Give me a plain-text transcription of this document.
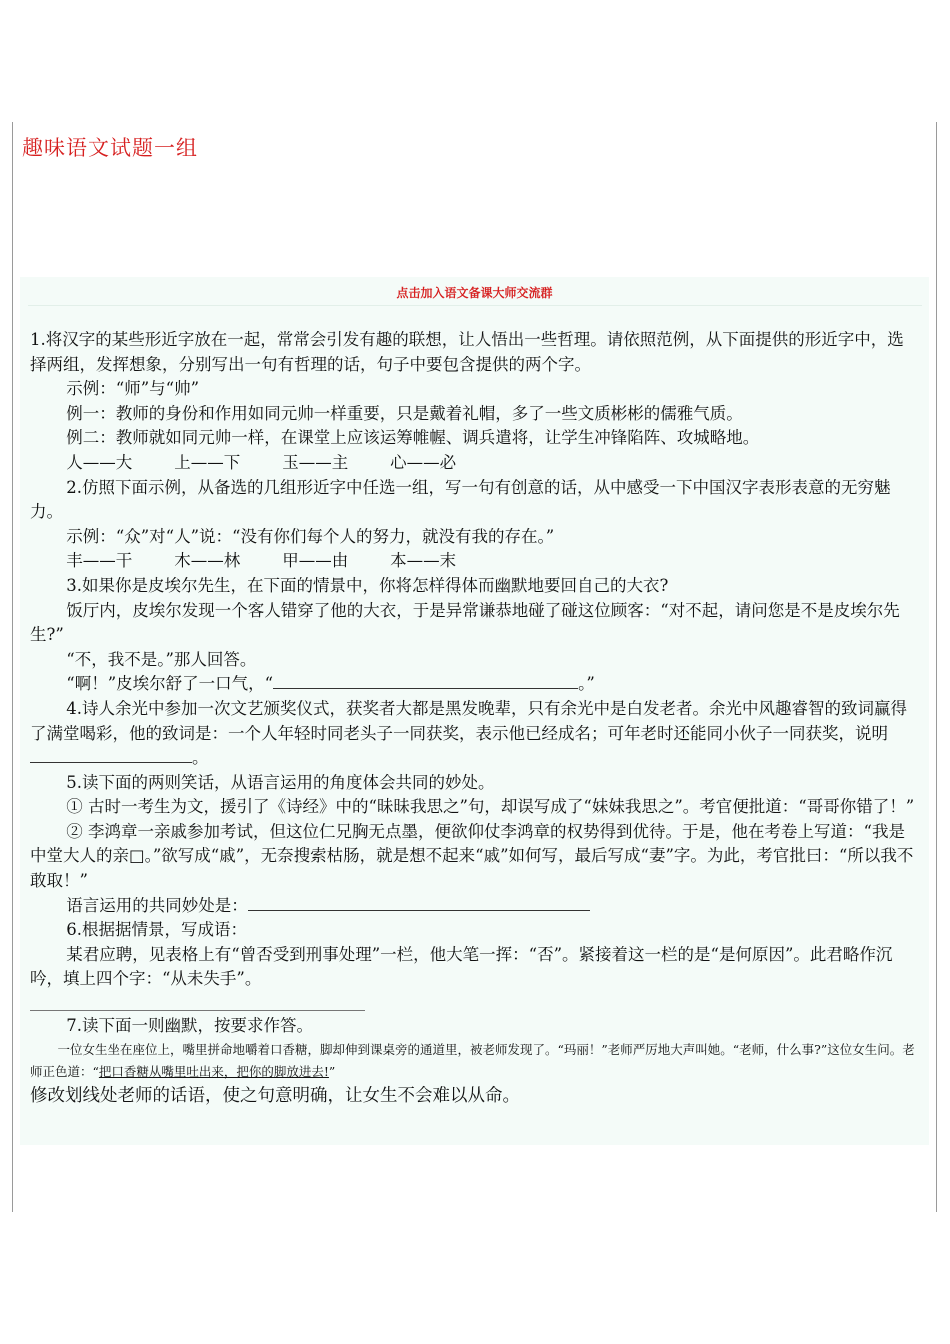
趣味语文试题一组
点击加入语文备课大师交流群

1.将汉字的某些形近字放在一起，常常会引发有趣的联想，让人悟出一些哲理。请依照范例，从下面提供的形近字中，选择两组，发挥想象，分别写出一句有哲理的话，句子中要包含提供的两个字。

示例：“师”与“帅”

例一：教师的身份和作用如同元帅一样重要，只是戴着礼帽，多了一些文质彬彬的儒雅气质。

例二：教师就如同元帅一样，在课堂上应该运筹帷幄、调兵遣将，让学生冲锋陷阵、攻城略地。

人——大        上——下        玉——主        心——必

2.仿照下面示例，从备选的几组形近字中任选一组，写一句有创意的话，从中感受一下中国汉字表形表意的无穷魅力。

示例：“众”对“人”说：“没有你们每个人的努力，就没有我的存在。”

丰——干        木——林        甲——由        本——末

3.如果你是皮埃尔先生，在下面的情景中，你将怎样得体而幽默地要回自己的大衣?

饭厅内，皮埃尔发现一个客人错穿了他的大衣，于是异常谦恭地碰了碰这位顾客：“对不起，请问您是不是皮埃尔先生?”

“不，我不是。”那人回答。

“啊！”皮埃尔舒了一口气，“	。”

4.诗人余光中参加一次文艺颁奖仪式，获奖者大都是黑发晚辈，只有余光中是白发老者。余光中风趣睿智的致词赢得了满堂喝彩，他的致词是：一个人年轻时同老头子一同获奖，表示他已经成名；可年老时还能同小伙子一同获奖，说明。

5.读下面的两则笑话，从语言运用的角度体会共同的妙处。

① 古时一考生为文，援引了《诗经》中的“昧昧我思之”句，却误写成了“妹妹我思之”。考官便批道：“哥哥你错了！”

② 李鸿章一亲戚参加考试，但这位仁兄胸无点墨，便欲仰仗李鸿章的权势得到优待。于是，他在考卷上写道：“我是中堂大人的亲□。”欲写成“戚”，无奈搜索枯肠，就是想不起来“戚”如何写，最后写成“妻”字。为此，考官批曰：“所以我不敢取！”

语言运用的共同妙处是：

6.根据据情景，写成语：

某君应聘，见表格上有“曾否受到刑事处理”一栏，他大笔一挥：“否”。紧接着这一栏的是“是何原因”。此君略作沉吟，填上四个字：“从未失手”。

7.读下面一则幽默，按要求作答。

一位女生坐在座位上，嘴里拼命地嚼着口香糖，脚却伸到课桌旁的通道里，被老师发现了。“玛丽！”老师严厉地大声叫她。“老师，什么事?”这位女生问。老师正色道：“把口香糖从嘴里吐出来，把你的脚放进去!”

修改划线处老师的话语，使之句意明确，让女生不会难以从命。
